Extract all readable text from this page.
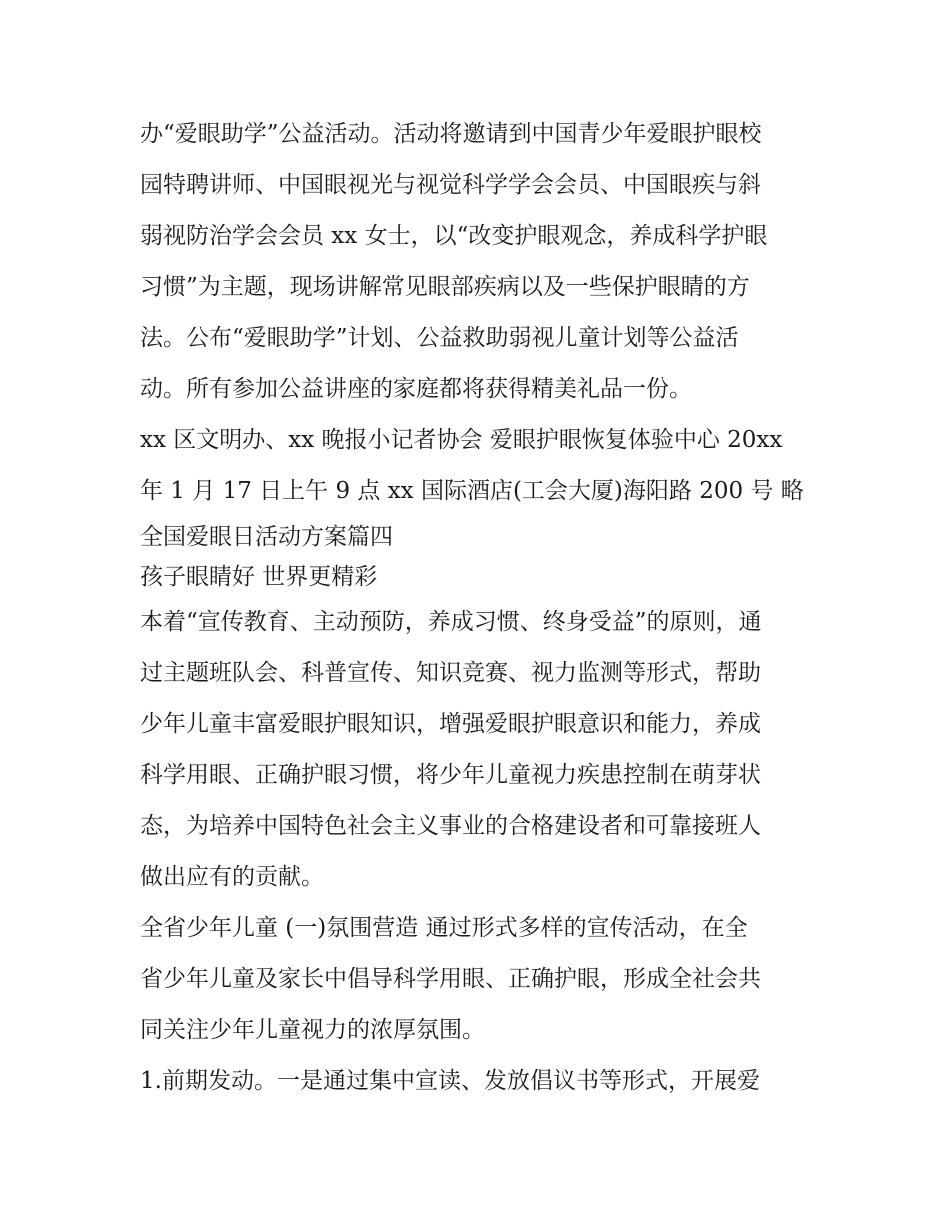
办“爱眼助学”公益活动。活动将邀请到中国青少年爱眼护眼校
园特聘讲师、中国眼视光与视觉科学学会会员、中国眼疾与斜
弱视防治学会会员 xx 女士，以“改变护眼观念，养成科学护眼
习惯”为主题，现场讲解常见眼部疾病以及一些保护眼睛的方
法。公布“爱眼助学”计划、公益救助弱视儿童计划等公益活
动。所有参加公益讲座的家庭都将获得精美礼品一份。
xx 区文明办、xx 晚报小记者协会 爱眼护眼恢复体验中心 20xx
年 1 月 17 日上午 9 点 xx 国际酒店(工会大厦)海阳路 200 号 略
全国爱眼日活动方案篇四
孩子眼睛好 世界更精彩
本着“宣传教育、主动预防，养成习惯、终身受益”的原则，通
过主题班队会、科普宣传、知识竞赛、视力监测等形式，帮助
少年儿童丰富爱眼护眼知识，增强爱眼护眼意识和能力，养成
科学用眼、正确护眼习惯，将少年儿童视力疾患控制在萌芽状
态，为培养中国特色社会主义事业的合格建设者和可靠接班人
做出应有的贡献。
全省少年儿童 (一)氛围营造 通过形式多样的宣传活动，在全
省少年儿童及家长中倡导科学用眼、正确护眼，形成全社会共
同关注少年儿童视力的浓厚氛围。
1.前期发动。一是通过集中宣读、发放倡议书等形式，开展爱
